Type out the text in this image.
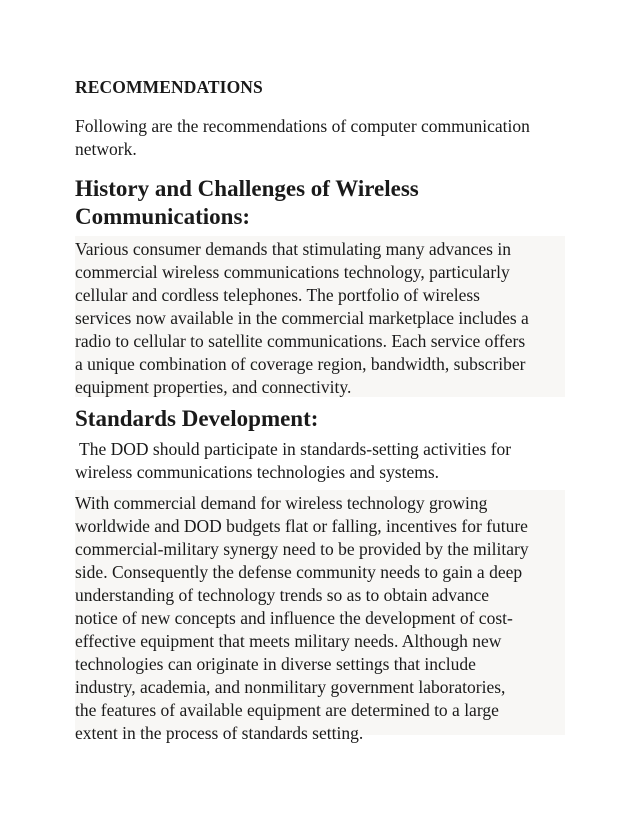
RECOMMENDATIONS
Following are the recommendations of computer communication
network.
History and Challenges of Wireless
Communications:
Various consumer demands that stimulating many advances in
commercial wireless communications technology, particularly
cellular and cordless telephones. The portfolio of wireless
services now available in the commercial marketplace includes a
radio to cellular to satellite communications. Each service offers
a unique combination of coverage region, bandwidth, subscriber
equipment properties, and connectivity.
Standards Development:
The DOD should participate in standards-setting activities for
wireless communications technologies and systems.
With commercial demand for wireless technology growing
worldwide and DOD budgets flat or falling, incentives for future
commercial-military synergy need to be provided by the military
side. Consequently the defense community needs to gain a deep
understanding of technology trends so as to obtain advance
notice of new concepts and influence the development of cost-
effective equipment that meets military needs. Although new
technologies can originate in diverse settings that include
industry, academia, and nonmilitary government laboratories,
the features of available equipment are determined to a large
extent in the process of standards setting.
